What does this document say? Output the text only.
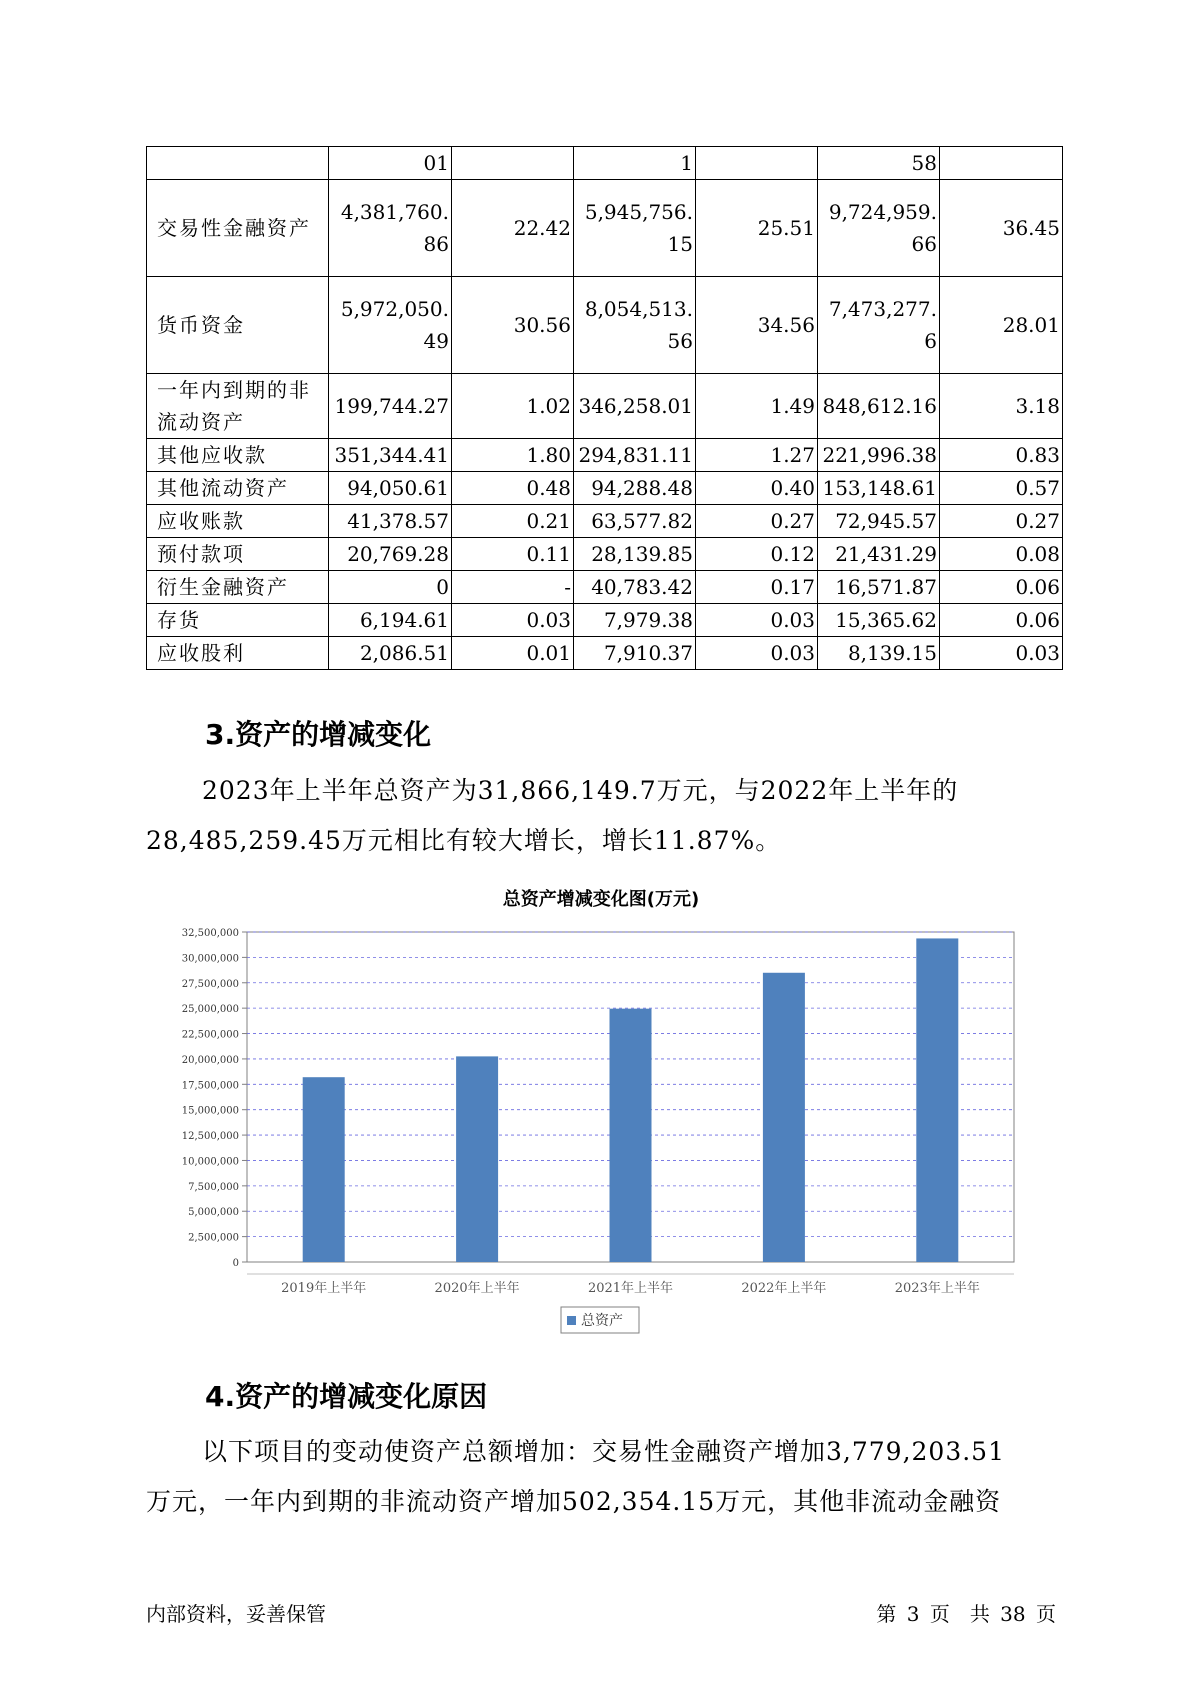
	01		1		58	
交易性金融资产	4,381,760.86	22.42	5,945,756.15	25.51	9,724,959.66	36.45
货币资金	5,972,050.49	30.56	8,054,513.56	34.56	7,473,277.6	28.01
一年内到期的非流动资产	199,744.27	1.02	346,258.01	1.49	848,612.16	3.18
其他应收款	351,344.41	1.80	294,831.11	1.27	221,996.38	0.83
其他流动资产	94,050.61	0.48	94,288.48	0.40	153,148.61	0.57
应收账款	41,378.57	0.21	63,577.82	0.27	72,945.57	0.27
预付款项	20,769.28	0.11	28,139.85	0.12	21,431.29	0.08
衍生金融资产	0	-	40,783.42	0.17	16,571.87	0.06
存货	6,194.61	0.03	7,979.38	0.03	15,365.62	0.06
应收股利	2,086.51	0.01	7,910.37	0.03	8,139.15	0.03
3.资产的增减变化
2023年上半年总资产为31,866,149.7万元，与2022年上半年的
28,485,259.45万元相比有较大增长，增长11.87%。
总资产增减变化图(万元)
0
2,500,000
5,000,000
7,500,000
10,000,000
12,500,000
15,000,000
17,500,000
20,000,000
22,500,000
25,000,000
27,500,000
30,000,000
32,500,000
2019年上半年	2020年上半年	2021年上半年	2022年上半年	2023年上半年
总资产
4.资产的增减变化原因
以下项目的变动使资产总额增加：交易性金融资产增加3,779,203.51
万元，一年内到期的非流动资产增加502,354.15万元，其他非流动金融资
内部资料，妥善保管	第 3 页　共 38 页
